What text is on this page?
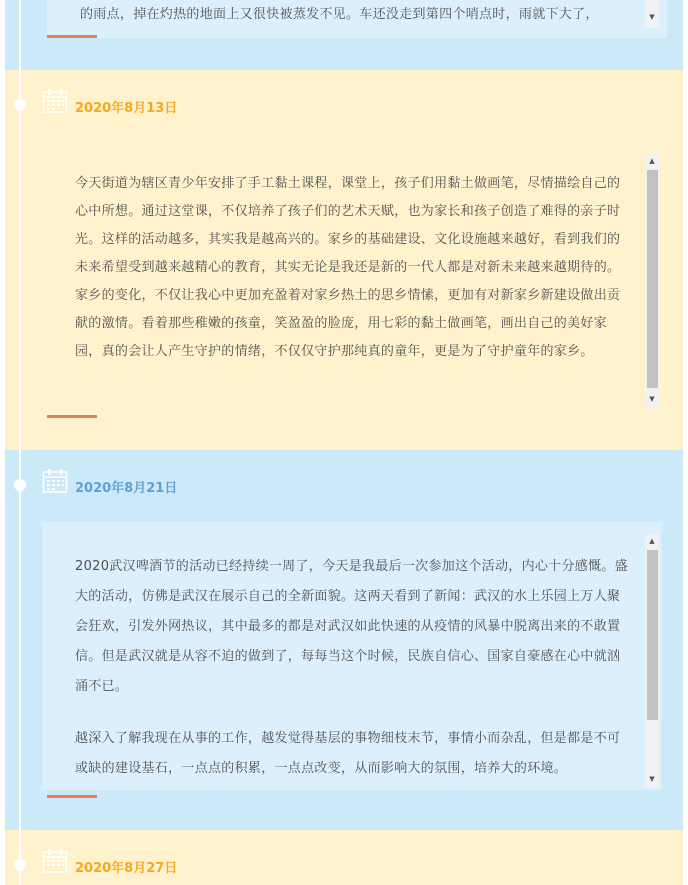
的雨点，掉在灼热的地面上又很快被蒸发不见。车还没走到第四个哨点时，雨就下大了，	▼
2020年8月13日

今天街道为辖区青少年安排了手工黏土课程，课堂上，孩子们用黏土做画笔，尽情描绘自己的心中所想。通过这堂课，不仅培养了孩子们的艺术天赋，也为家长和孩子创造了难得的亲子时光。这样的活动越多，其实我是越高兴的。家乡的基础建设、文化设施越来越好，看到我们的未来希望受到越来越精心的教育，其实无论是我还是新的一代人都是对新未来越来越期待的。家乡的变化，不仅让我心中更加充盈着对家乡热土的思乡情愫，更加有对新家乡新建设做出贡献的激情。看着那些稚嫩的孩童，笑盈盈的脸庞，用七彩的黏土做画笔，画出自己的美好家园，真的会让人产生守护的情绪，不仅仅守护那纯真的童年，更是为了守护童年的家乡。

▲
▼
2020年8月21日

2020武汉啤酒节的活动已经持续一周了，今天是我最后一次参加这个活动，内心十分感慨。盛大的活动，仿佛是武汉在展示自己的全新面貌。这两天看到了新闻：武汉的水上乐园上万人聚会狂欢，引发外网热议，其中最多的都是对武汉如此快速的从疫情的风暴中脱离出来的不敢置信。但是武汉就是从容不迫的做到了，每每当这个时候，民族自信心、国家自豪感在心中就汹涌不已。

越深入了解我现在从事的工作，越发觉得基层的事物细枝末节，事情小而杂乱，但是都是不可或缺的建设基石，一点点的积累，一点点改变，从而影响大的氛围，培养大的环境。

▲
▼
2020年8月27日
